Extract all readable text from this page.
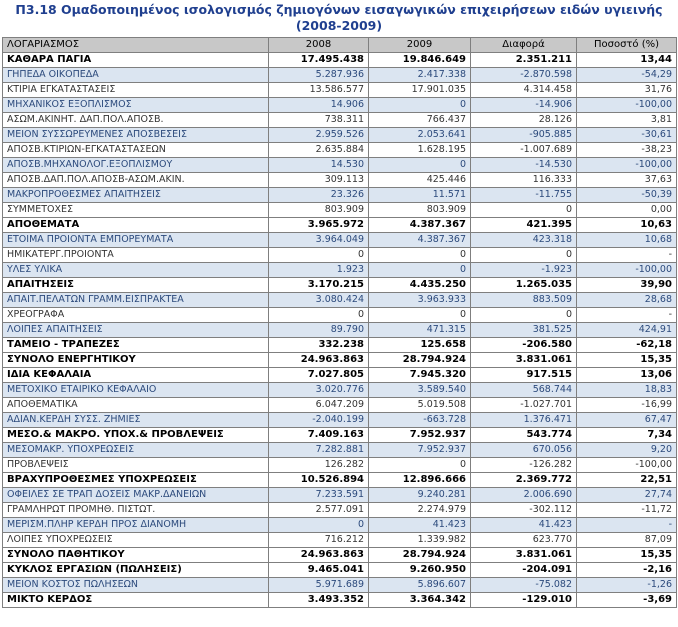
Π3.18 Ομαδοποιημένος ισολογισμός ζημιογόνων εισαγωγικών επιχειρήσεων ειδών υγιεινής
(2008-2009)
ΛΟΓΑΡΙΑΣΜΟΣ	2008	2009	Διαφορά	Ποσοστό (%)
ΚΑΘΑΡΑ ΠΑΓΙΑ	17.495.438	19.846.649	2.351.211	13,44
ΓΗΠΕΔΑ ΟΙΚΟΠΕΔΑ	5.287.936	2.417.338	-2.870.598	-54,29
ΚΤΙΡΙΑ ΕΓΚΑΤΑΣΤΑΣΕΙΣ	13.586.577	17.901.035	4.314.458	31,76
ΜΗΧΑΝΙΚΟΣ ΕΞΟΠΛΙΣΜΟΣ	14.906	0	-14.906	-100,00
ΑΣΩΜ.ΑΚΙΝΗΤ. ΔΑΠ.ΠΟΛ.ΑΠΟΣΒ.	738.311	766.437	28.126	3,81
ΜΕΙΟΝ ΣΥΣΣΩΡΕΥΜΕΝΕΣ ΑΠΟΣΒΕΣΕΙΣ	2.959.526	2.053.641	-905.885	-30,61
ΑΠΟΣΒ.ΚΤΙΡΙΩΝ-ΕΓΚΑΤΑΣΤΑΣΕΩΝ	2.635.884	1.628.195	-1.007.689	-38,23
ΑΠΟΣΒ.ΜΗΧΑΝΟΛΟΓ.ΕΞΟΠΛΙΣΜΟΥ	14.530	0	-14.530	-100,00
ΑΠΟΣΒ.ΔΑΠ.ΠΟΛ.ΑΠΟΣΒ-ΑΣΩΜ.ΑΚΙΝ.	309.113	425.446	116.333	37,63
ΜΑΚΡΟΠΡΟΘΕΣΜΕΣ ΑΠΑΙΤΗΣΕΙΣ	23.326	11.571	-11.755	-50,39
ΣΥΜΜΕΤΟΧΕΣ	803.909	803.909	0	0,00
ΑΠΟΘΕΜΑΤΑ	3.965.972	4.387.367	421.395	10,63
ΕΤΟΙΜΑ ΠΡΟΙΟΝΤΑ ΕΜΠΟΡΕΥΜΑΤΑ	3.964.049	4.387.367	423.318	10,68
ΗΜΙΚΑΤΕΡΓ.ΠΡΟΙΟΝΤΑ	0	0	0	-
ΥΛΕΣ ΥΛΙΚΑ	1.923	0	-1.923	-100,00
ΑΠΑΙΤΗΣΕΙΣ	3.170.215	4.435.250	1.265.035	39,90
ΑΠΑΙΤ.ΠΕΛΑΤΩΝ ΓΡΑΜΜ.ΕΙΣΠΡΑΚΤΕΑ	3.080.424	3.963.933	883.509	28,68
ΧΡΕΟΓΡΑΦΑ	0	0	0	-
ΛΟΙΠΕΣ ΑΠΑΙΤΗΣΕΙΣ	89.790	471.315	381.525	424,91
ΤΑΜΕΙΟ - ΤΡΑΠΕΖΕΣ	332.238	125.658	-206.580	-62,18
ΣΥΝΟΛΟ ΕΝΕΡΓΗΤΙΚΟΥ	24.963.863	28.794.924	3.831.061	15,35
ΙΔΙΑ ΚΕΦΑΛΑΙΑ	7.027.805	7.945.320	917.515	13,06
ΜΕΤΟΧΙΚΟ ΕΤΑΙΡΙΚΟ ΚΕΦΑΛΑΙΟ	3.020.776	3.589.540	568.744	18,83
ΑΠΟΘΕΜΑΤΙΚΑ	6.047.209	5.019.508	-1.027.701	-16,99
ΑΔΙΑΝ.ΚΕΡΔΗ ΣΥΣΣ. ΖΗΜΙΕΣ	-2.040.199	-663.728	1.376.471	67,47
ΜΕΣΟ.& ΜΑΚΡΟ. ΥΠΟΧ.& ΠΡΟΒΛΕΨΕΙΣ	7.409.163	7.952.937	543.774	7,34
ΜΕΣΟΜΑΚΡ. ΥΠΟΧΡΕΩΣΕΙΣ	7.282.881	7.952.937	670.056	9,20
ΠΡΟΒΛΕΨΕΙΣ	126.282	0	-126.282	-100,00
ΒΡΑΧΥΠΡΟΘΕΣΜΕΣ ΥΠΟΧΡΕΩΣΕΙΣ	10.526.894	12.896.666	2.369.772	22,51
ΟΦΕΙΛΕΣ ΣΕ ΤΡΑΠ ΔΟΣΕΙΣ ΜΑΚΡ.ΔΑΝΕΙΩΝ	7.233.591	9.240.281	2.006.690	27,74
ΓΡΑΜΛΗΡΩΤ ΠΡΟΜΗΘ. ΠΙΣΤΩΤ.	2.577.091	2.274.979	-302.112	-11,72
ΜΕΡΙΣΜ.ΠΛΗΡ ΚΕΡΔΗ ΠΡΟΣ ΔΙΑΝΟΜΗ	0	41.423	41.423	-
ΛΟΙΠΕΣ ΥΠΟΧΡΕΩΣΕΙΣ	716.212	1.339.982	623.770	87,09
ΣΥΝΟΛΟ ΠΑΘΗΤΙΚΟΥ	24.963.863	28.794.924	3.831.061	15,35
ΚΥΚΛΟΣ ΕΡΓΑΣΙΩΝ (ΠΩΛΗΣΕΙΣ)	9.465.041	9.260.950	-204.091	-2,16
ΜΕΙΟΝ ΚΟΣΤΟΣ ΠΩΛΗΣΕΩΝ	5.971.689	5.896.607	-75.082	-1,26
ΜΙΚΤΟ ΚΕΡΔΟΣ	3.493.352	3.364.342	-129.010	-3,69
